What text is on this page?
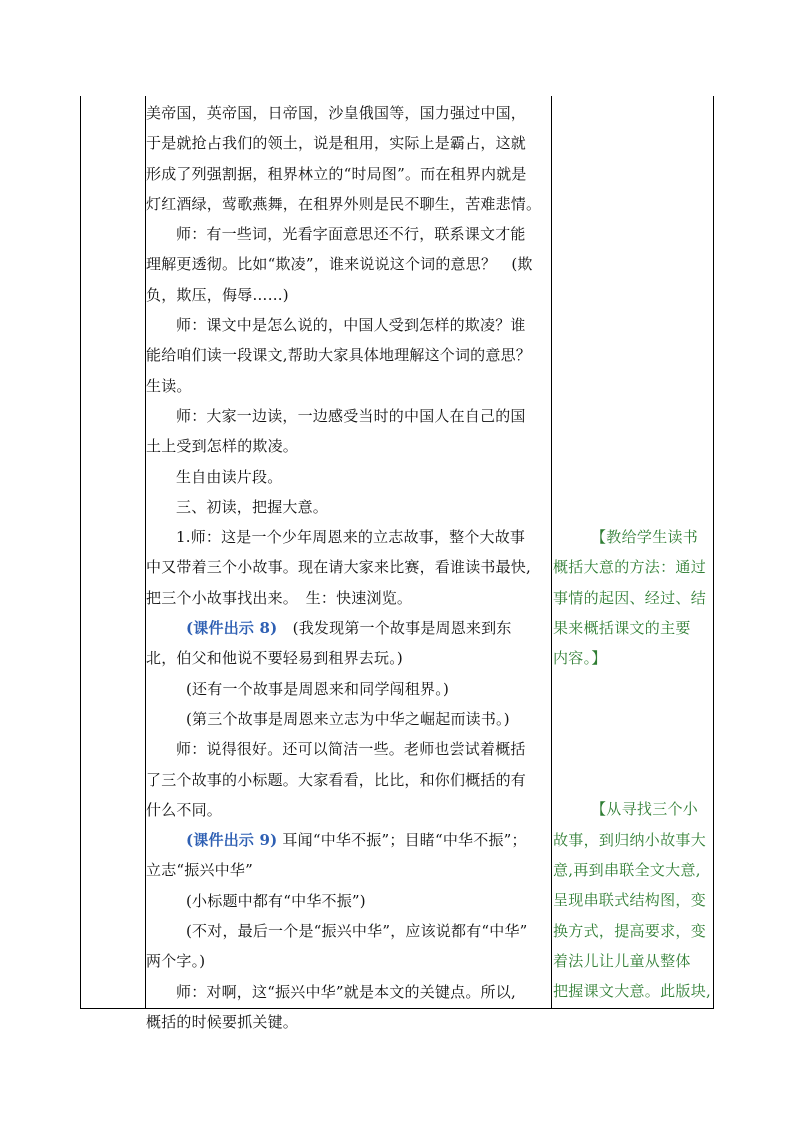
美帝国，英帝国，日帝国，沙皇俄国等，国力强过中国，
于是就抢占我们的领土，说是租用，实际上是霸占，这就
形成了列强割据，租界林立的“时局图”。而在租界内就是
灯红酒绿，莺歌燕舞，在租界外则是民不聊生，苦难悲情。
师：有一些词，光看字面意思还不行，联系课文才能
理解更透彻。比如“欺凌”，谁来说说这个词的意思？　(欺
负，欺压，侮辱……)
师：课文中是怎么说的，中国人受到怎样的欺凌？谁
能给咱们读一段课文,帮助大家具体地理解这个词的意思？
生读。
师：大家一边读，一边感受当时的中国人在自己的国
土上受到怎样的欺凌。
生自由读片段。
三、初读，把握大意。
1.师：这是一个少年周恩来的立志故事，整个大故事
中又带着三个小故事。现在请大家来比赛，看谁读书最快,
把三个小故事找出来。　生：快速浏览。
(课件出示 8)　(我发现第一个故事是周恩来到东
北，伯父和他说不要轻易到租界去玩。)
(还有一个故事是周恩来和同学闯租界。)
(第三个故事是周恩来立志为中华之崛起而读书。)
师：说得很好。还可以简洁一些。老师也尝试着概括
了三个故事的小标题。大家看看，比比，和你们概括的有
什么不同。
(课件出示 9) 耳闻“中华不振”；目睹“中华不振”；
立志“振兴中华”
(小标题中都有“中华不振”)
(不对，最后一个是“振兴中华”，应该说都有“中华”
两个字。)
师：对啊，这“振兴中华”就是本文的关键点。所以,
概括的时候要抓关键。
【教给学生读书
概括大意的方法：通过
事情的起因、经过、结
果来概括课文的主要
内容。】
【从寻找三个小
故事，到归纳小故事大
意,再到串联全文大意,
呈现串联式结构图，变
换方式，提高要求，变
着法儿让儿童从整体
把握课文大意。此版块,
